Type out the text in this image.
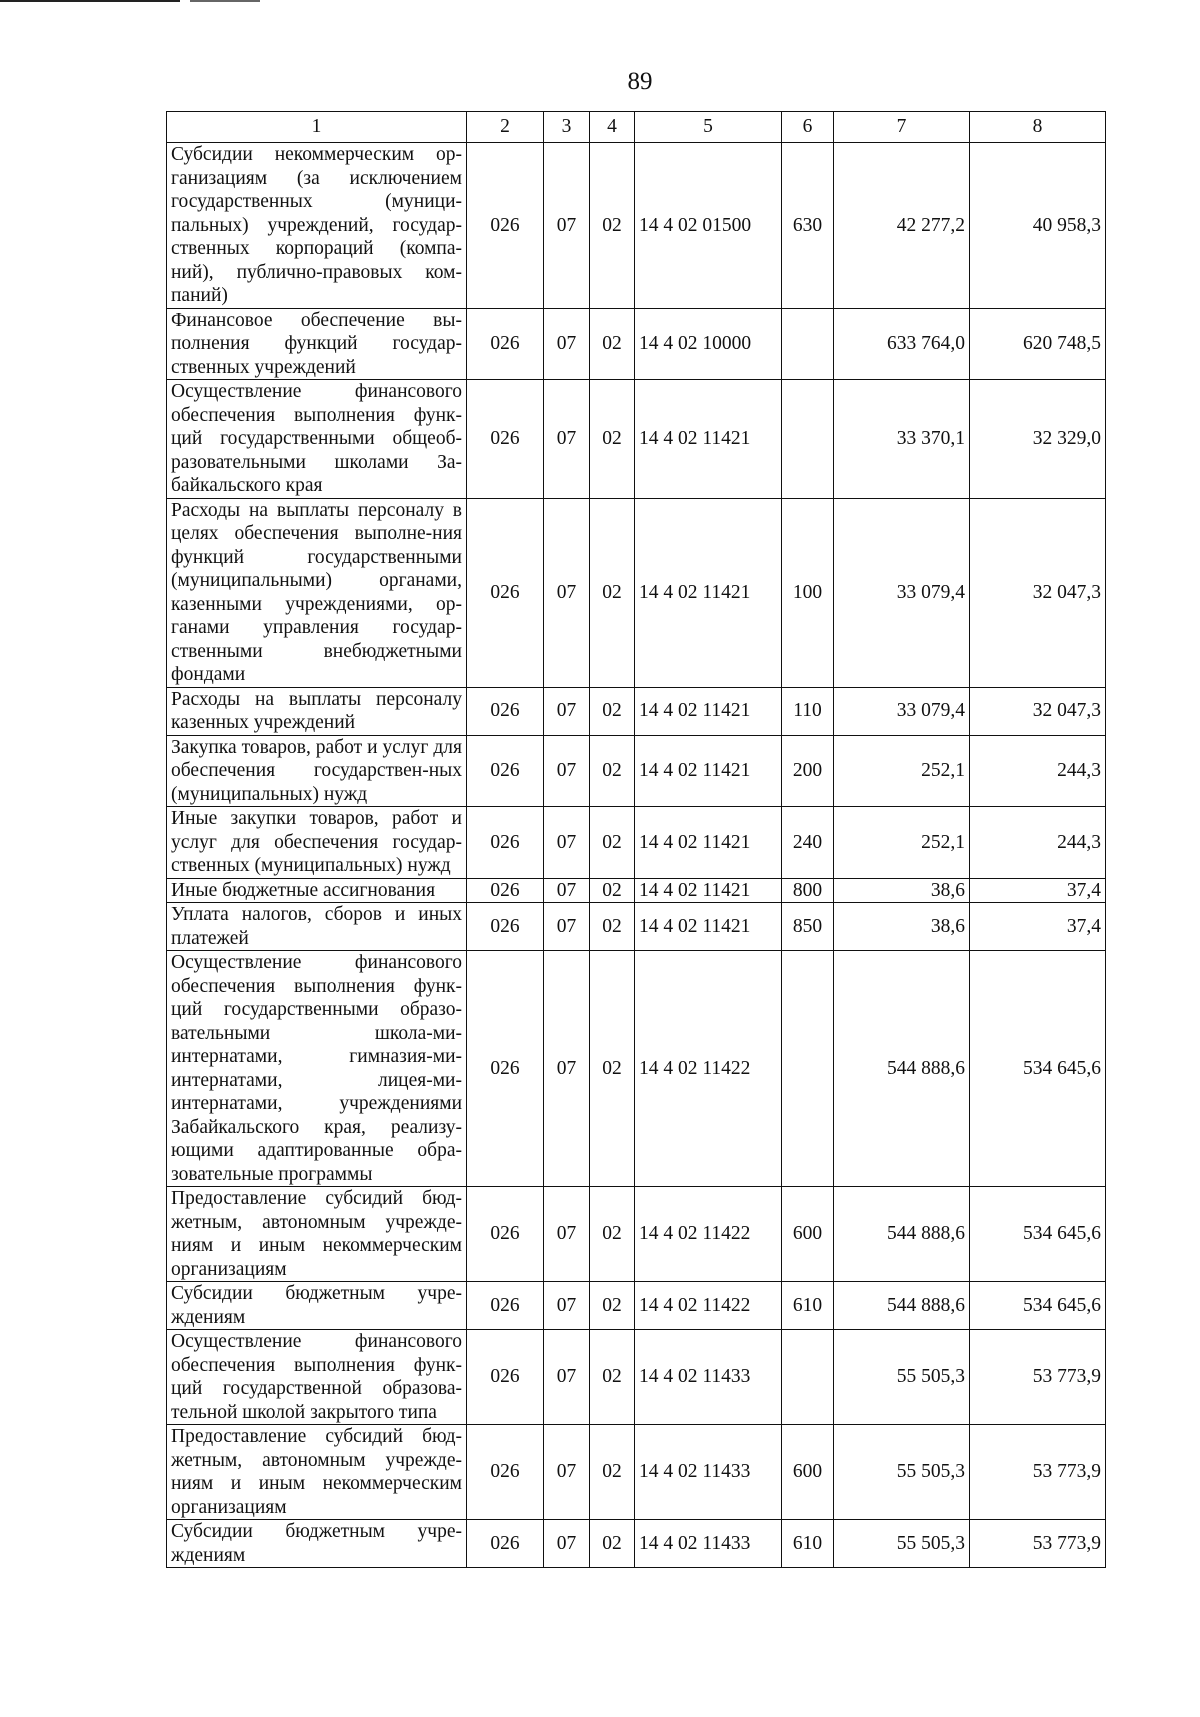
89
1	2	3	4	5	6	7	8
Субсидии некоммерческим ор-ганизациям (за исключением государственных (муници-пальных) учреждений, государ-ственных корпораций (компа-ний), публично-правовых ком-паний)	026	07	02	14 4 02 01500	630	42 277,2	40 958,3
Финансовое обеспечение вы-полнения функций государ-ственных учреждений	026	07	02	14 4 02 10000		633 764,0	620 748,5
Осуществление финансового обеспечения выполнения функ-ций государственными общеоб-разовательными школами За-байкальского края	026	07	02	14 4 02 11421		33 370,1	32 329,0
Расходы на выплаты персоналу в целях обеспечения выполне-ния функций государственными (муниципальными) органами, казенными учреждениями, ор-ганами управления государ-ственными внебюджетными фондами	026	07	02	14 4 02 11421	100	33 079,4	32 047,3
Расходы на выплаты персоналу казенных учреждений	026	07	02	14 4 02 11421	110	33 079,4	32 047,3
Закупка товаров, работ и услуг для обеспечения государствен-ных (муниципальных) нужд	026	07	02	14 4 02 11421	200	252,1	244,3
Иные закупки товаров, работ и услуг для обеспечения государ-ственных (муниципальных) нужд	026	07	02	14 4 02 11421	240	252,1	244,3
Иные бюджетные ассигнования	026	07	02	14 4 02 11421	800	38,6	37,4
Уплата налогов, сборов и иных платежей	026	07	02	14 4 02 11421	850	38,6	37,4
Осуществление финансового обеспечения выполнения функ-ций государственными образо-вательными школа-ми-интернатами, гимназия-ми-интернатами, лицея-ми-интернатами, учреждениями Забайкальского края, реализу-ющими адаптированные обра-зовательные программы	026	07	02	14 4 02 11422		544 888,6	534 645,6
Предоставление субсидий бюд-жетным, автономным учрежде-ниям и иным некоммерческим организациям	026	07	02	14 4 02 11422	600	544 888,6	534 645,6
Субсидии бюджетным учре-ждениям	026	07	02	14 4 02 11422	610	544 888,6	534 645,6
Осуществление финансового обеспечения выполнения функ-ций государственной образова-тельной школой закрытого типа	026	07	02	14 4 02 11433		55 505,3	53 773,9
Предоставление субсидий бюд-жетным, автономным учрежде-ниям и иным некоммерческим организациям	026	07	02	14 4 02 11433	600	55 505,3	53 773,9
Субсидии бюджетным учре-ждениям	026	07	02	14 4 02 11433	610	55 505,3	53 773,9
